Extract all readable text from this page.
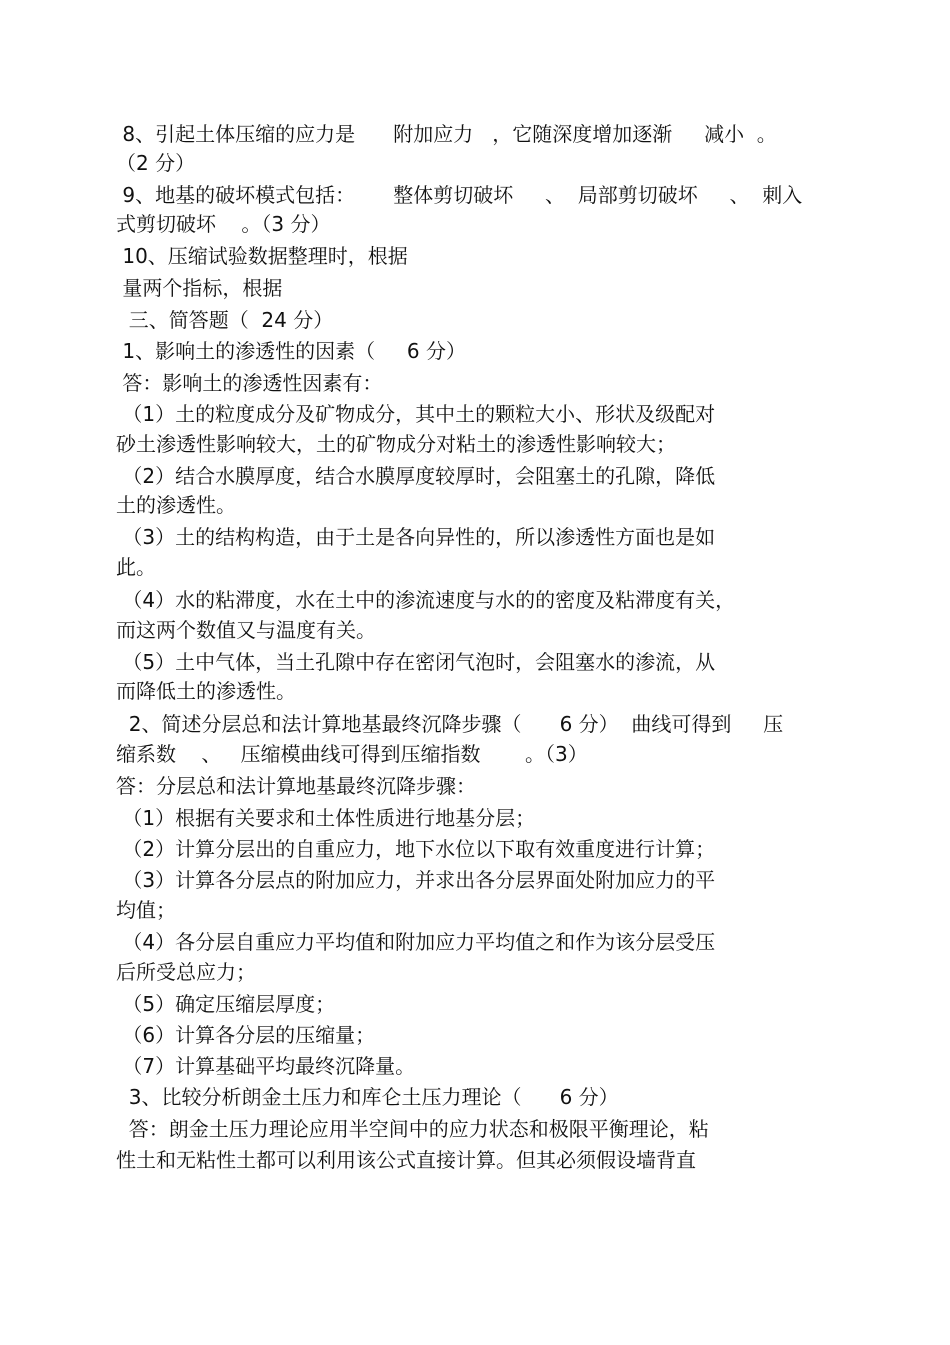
8、引起土体压缩的应力是      附加应力   ，它随深度增加逐渐     减小  。
（2 分）
9、地基的破坏模式包括：      整体剪切破坏     、  局部剪切破坏     、  刺入
式剪切破坏    。（3 分）
10、压缩试验数据整理时，根据
量两个指标，根据
三、简答题（  24 分）
1、影响土的渗透性的因素（     6 分）
答：影响土的渗透性因素有：
（1）土的粒度成分及矿物成分，其中土的颗粒大小、形状及级配对
砂土渗透性影响较大，土的矿物成分对粘土的渗透性影响较大；
（2）结合水膜厚度，结合水膜厚度较厚时，会阻塞土的孔隙，降低
土的渗透性。
（3）土的结构构造，由于土是各向异性的，所以渗透性方面也是如
此。
（4）水的粘滞度，水在土中的渗流速度与水的的密度及粘滞度有关，
而这两个数值又与温度有关。
（5）土中气体，当土孔隙中存在密闭气泡时，会阻塞水的渗流，从
而降低土的渗透性。
2、简述分层总和法计算地基最终沉降步骤（      6 分）  曲线可得到     压
缩系数    、   压缩模曲线可得到压缩指数       。（3）
答：分层总和法计算地基最终沉降步骤：
（1）根据有关要求和土体性质进行地基分层；
（2）计算分层出的自重应力，地下水位以下取有效重度进行计算；
（3）计算各分层点的附加应力，并求出各分层界面处附加应力的平
均值；
（4）各分层自重应力平均值和附加应力平均值之和作为该分层受压
后所受总应力；
（5）确定压缩层厚度；
（6）计算各分层的压缩量；
（7）计算基础平均最终沉降量。
3、比较分析朗金土压力和库仑土压力理论（      6 分）
答：朗金土压力理论应用半空间中的应力状态和极限平衡理论，粘
性土和无粘性土都可以利用该公式直接计算。但其必须假设墙背直
